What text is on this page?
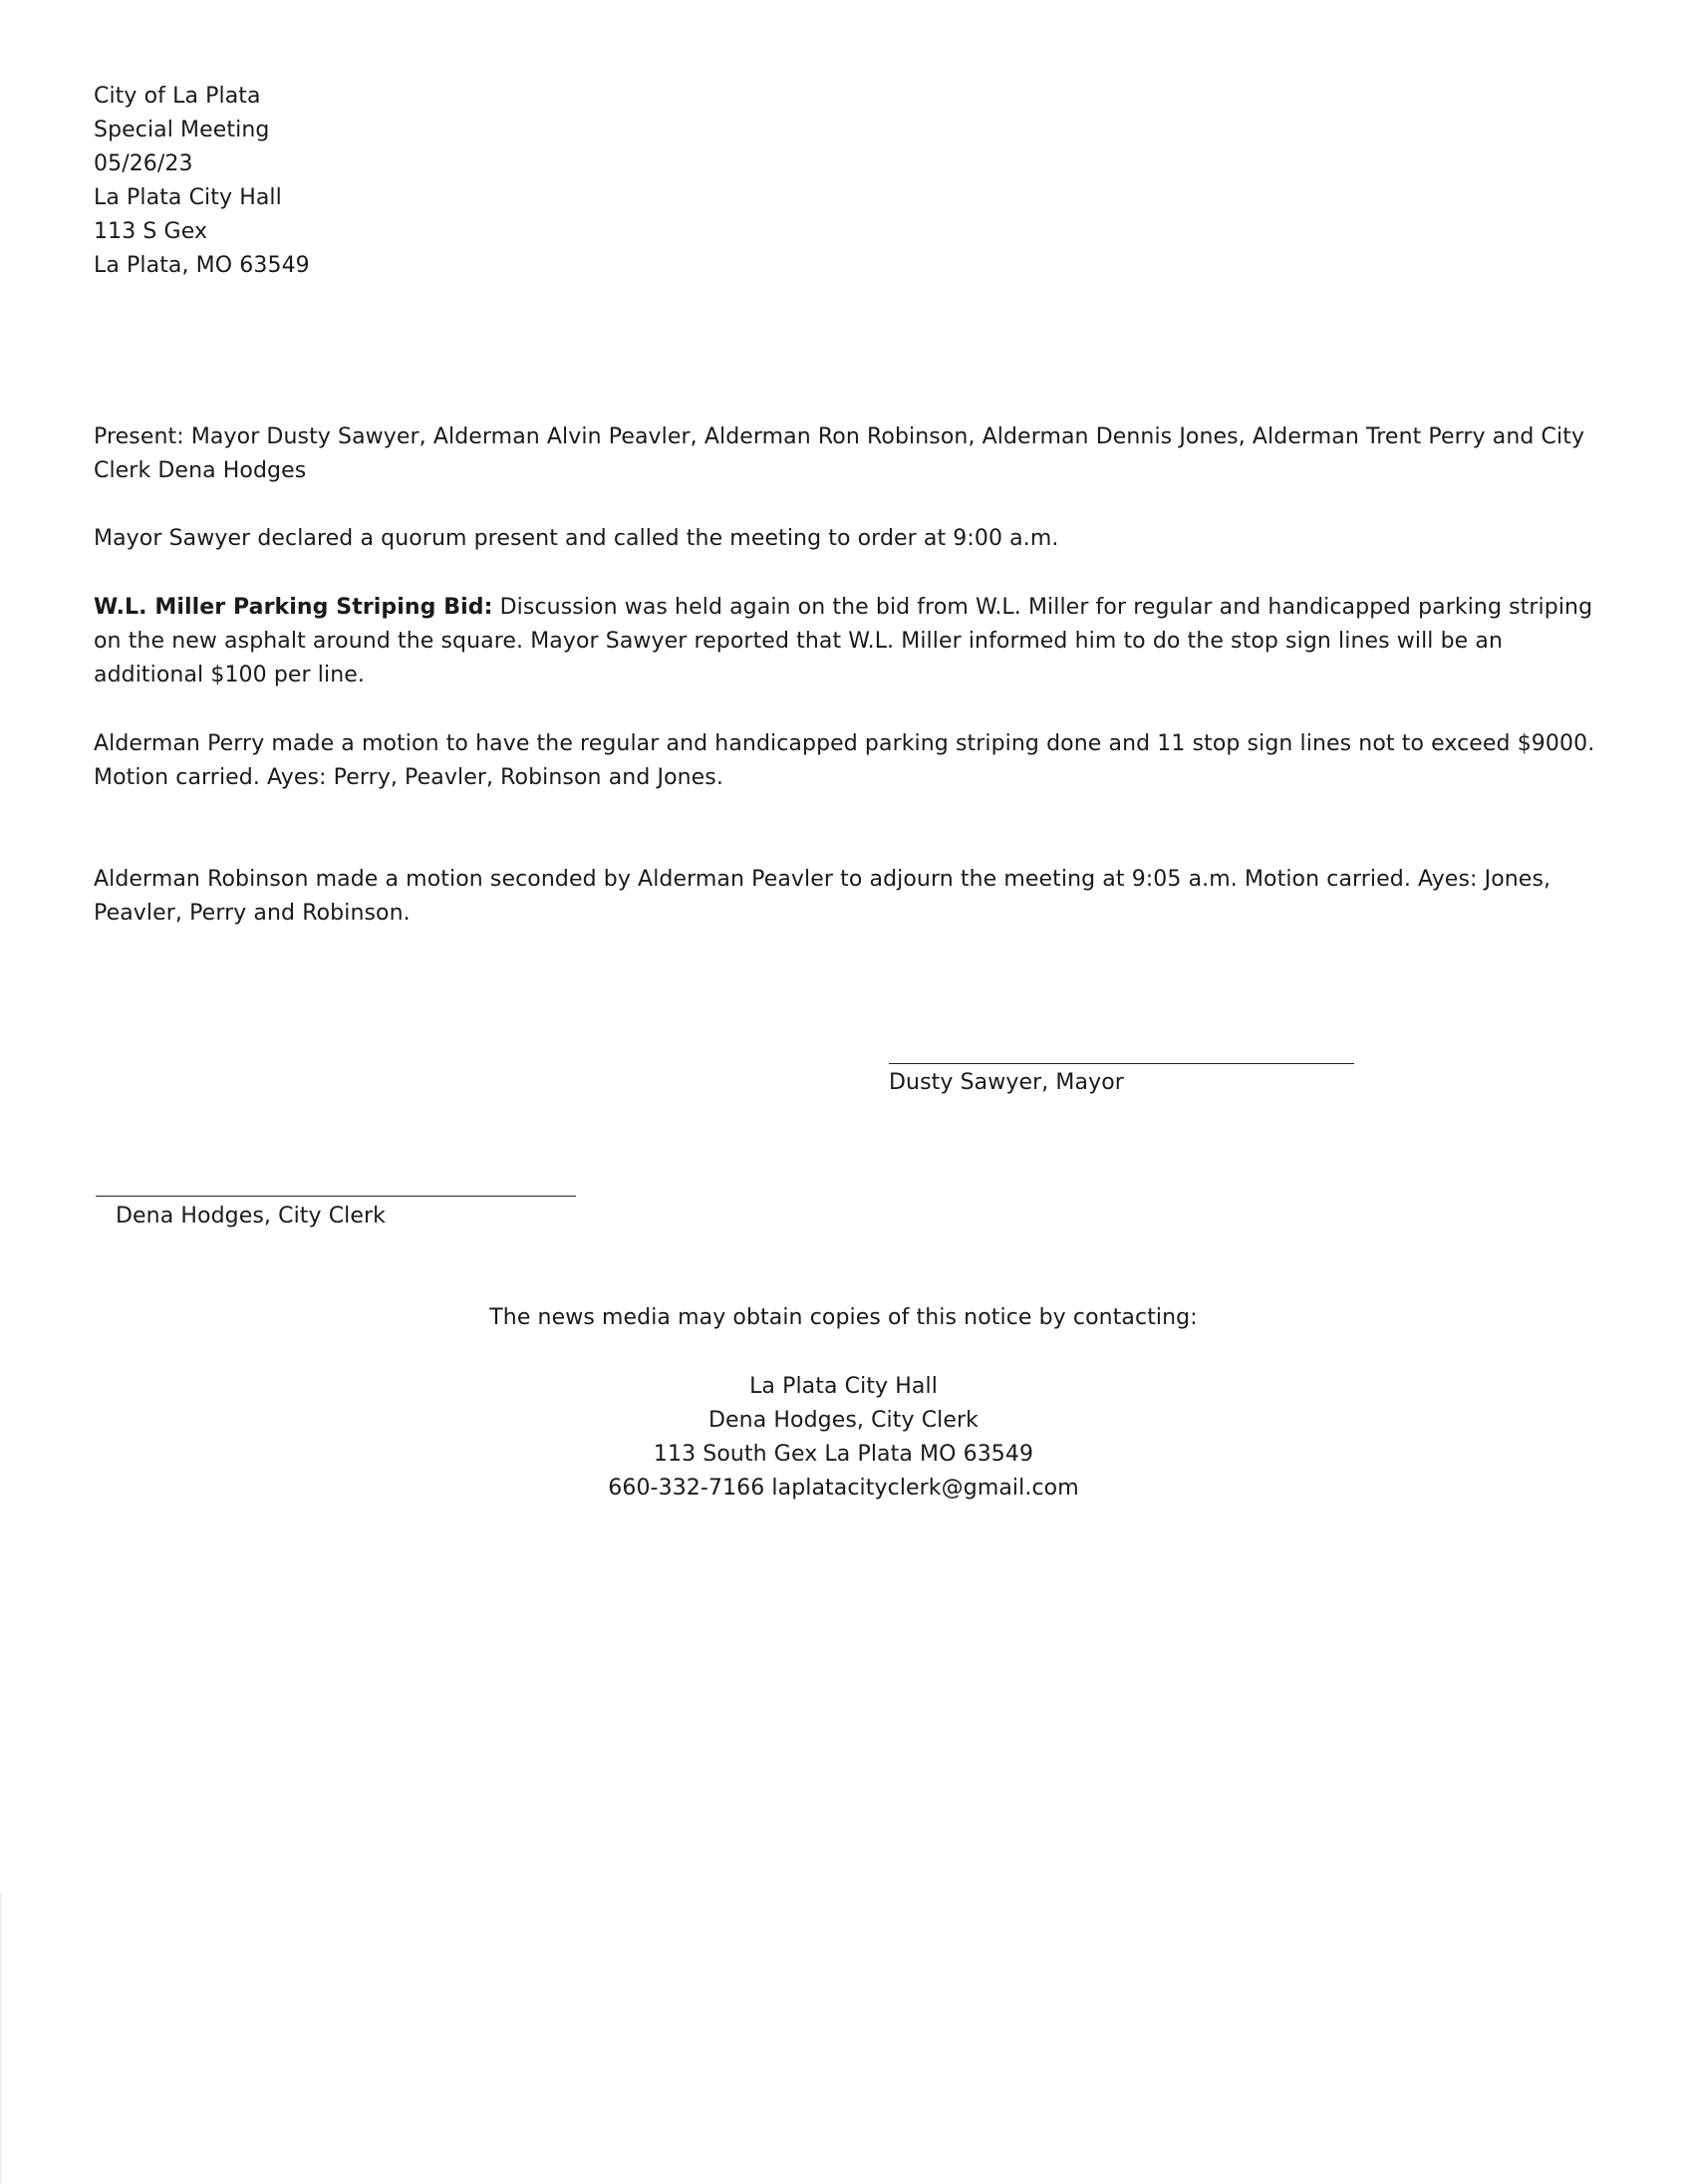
City of La Plata
Special Meeting
05/26/23
La Plata City Hall
113 S Gex
La Plata, MO 63549
Present: Mayor Dusty Sawyer, Alderman Alvin Peavler, Alderman Ron Robinson, Alderman Dennis Jones, Alderman Trent Perry and City Clerk Dena Hodges
Mayor Sawyer declared a quorum present and called the meeting to order at 9:00 a.m.
W.L. Miller Parking Striping Bid: Discussion was held again on the bid from W.L. Miller for regular and handicapped parking striping on the new asphalt around the square. Mayor Sawyer reported that W.L. Miller informed him to do the stop sign lines will be an additional $100 per line.
Alderman Perry made a motion to have the regular and handicapped parking striping done and 11 stop sign lines not to exceed $9000. Motion carried. Ayes: Perry, Peavler, Robinson and Jones.
Alderman Robinson made a motion seconded by Alderman Peavler to adjourn the meeting at 9:05 a.m. Motion carried. Ayes: Jones, Peavler, Perry and Robinson.
Dusty Sawyer, Mayor
Dena Hodges, City Clerk
The news media may obtain copies of this notice by contacting:
La Plata City Hall
Dena Hodges, City Clerk
113 South Gex La Plata MO 63549
660-332-7166 laplatacityclerk@gmail.com
